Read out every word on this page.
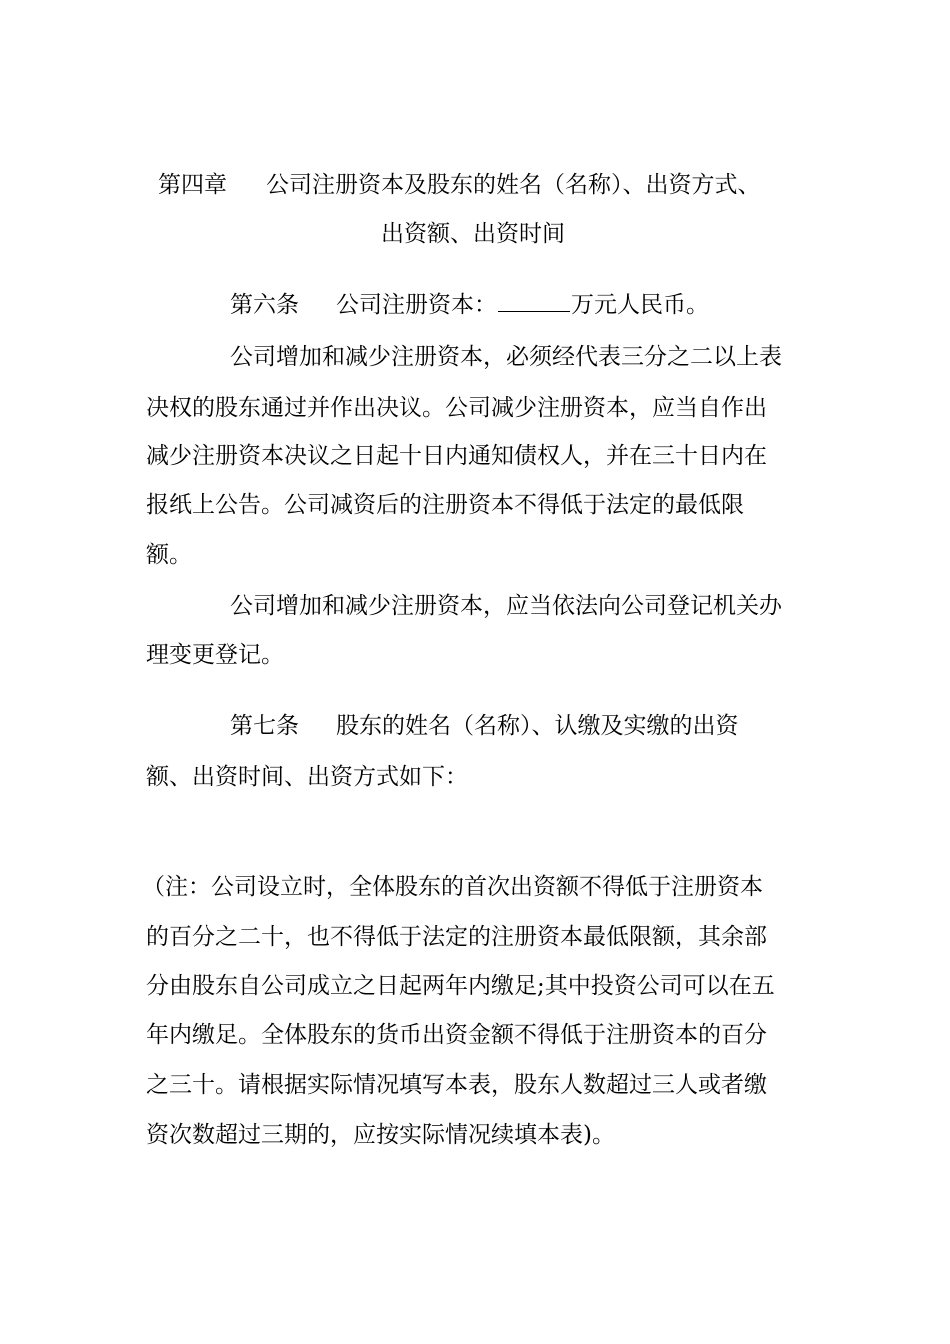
第四章 公司注册资本及股东的姓名（名称）、出资方式、
出资额、出资时间
第六条 公司注册资本：	万元人民币。
公司增加和减少注册资本，必须经代表三分之二以上表
决权的股东通过并作出决议。公司减少注册资本，应当自作出
减少注册资本决议之日起十日内通知债权人，并在三十日内在
报纸上公告。公司减资后的注册资本不得低于法定的最低限
额。
公司增加和减少注册资本，应当依法向公司登记机关办
理变更登记。
第七条 股东的姓名（名称）、认缴及实缴的出资
额、出资时间、出资方式如下：
（注：公司设立时，全体股东的首次出资额不得低于注册资本
的百分之二十，也不得低于法定的注册资本最低限额，其余部
分由股东自公司成立之日起两年内缴足;其中投资公司可以在五
年内缴足。全体股东的货币出资金额不得低于注册资本的百分
之三十。请根据实际情况填写本表，股东人数超过三人或者缴
资次数超过三期的，应按实际情况续填本表)。
